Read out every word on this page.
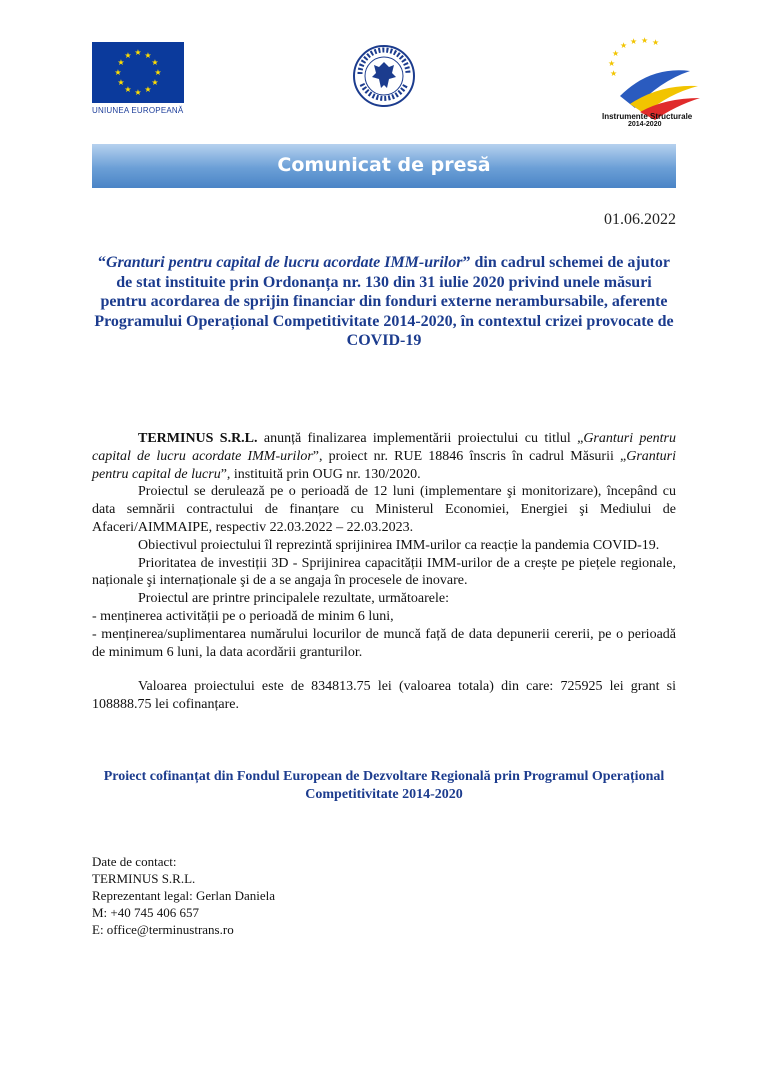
★ ★
★
★
★
★
★
★
★
★
★
★
UNIUNEA EUROPEANĂ
★ ★ ★ ★
★
★
★
Instrumente Structurale
2014-2020
Comunicat de presă
01.06.2022
“Granturi pentru capital de lucru acordate IMM-urilor” din cadrul schemei de ajutor de stat instituite prin Ordonanța nr. 130 din 31 iulie 2020 privind unele măsuri pentru acordarea de sprijin financiar din fonduri externe nerambursabile, aferente Programului Operațional Competitivitate 2014-2020, în contextul crizei provocate de COVID-19

TERMINUS S.R.L. anunță finalizarea implementării proiectului cu titlul „Granturi pentru capital de lucru acordate IMM-urilor”, proiect nr. RUE 18846 înscris în cadrul Măsurii „Granturi pentru capital de lucru”, instituită prin OUG nr. 130/2020.

Proiectul se derulează pe o perioadă de 12 luni (implementare şi monitorizare), începând cu data semnării contractului de finanțare cu Ministerul Economiei, Energiei şi Mediului de Afaceri/AIMMAIPE, respectiv 22.03.2022 – 22.03.2023.

Obiectivul proiectului îl reprezintă sprijinirea IMM-urilor ca reacție la pandemia COVID-19.

Prioritatea de investiții 3D - Sprijinirea capacității IMM-urilor de a crește pe piețele regionale, naționale şi internaționale şi de a se angaja în procesele de inovare.

Proiectul are printre principalele rezultate, următoarele:

- menținerea activității pe o perioadă de minim 6 luni,

- menținerea/suplimentarea numărului locurilor de muncă față de data depunerii cererii, pe o perioadă de minimum 6 luni, la data acordării granturilor.

Valoarea proiectului este de 834813.75 lei (valoarea totala) din care: 725925 lei grant si 108888.75 lei cofinanțare.

Proiect cofinanțat din Fondul European de Dezvoltare Regională prin Programul Operațional Competitivitate 2014-2020
Date de contact:
TERMINUS S.R.L.
Reprezentant legal: Gerlan Daniela
M: +40 745 406 657
E: office@terminustrans.ro
